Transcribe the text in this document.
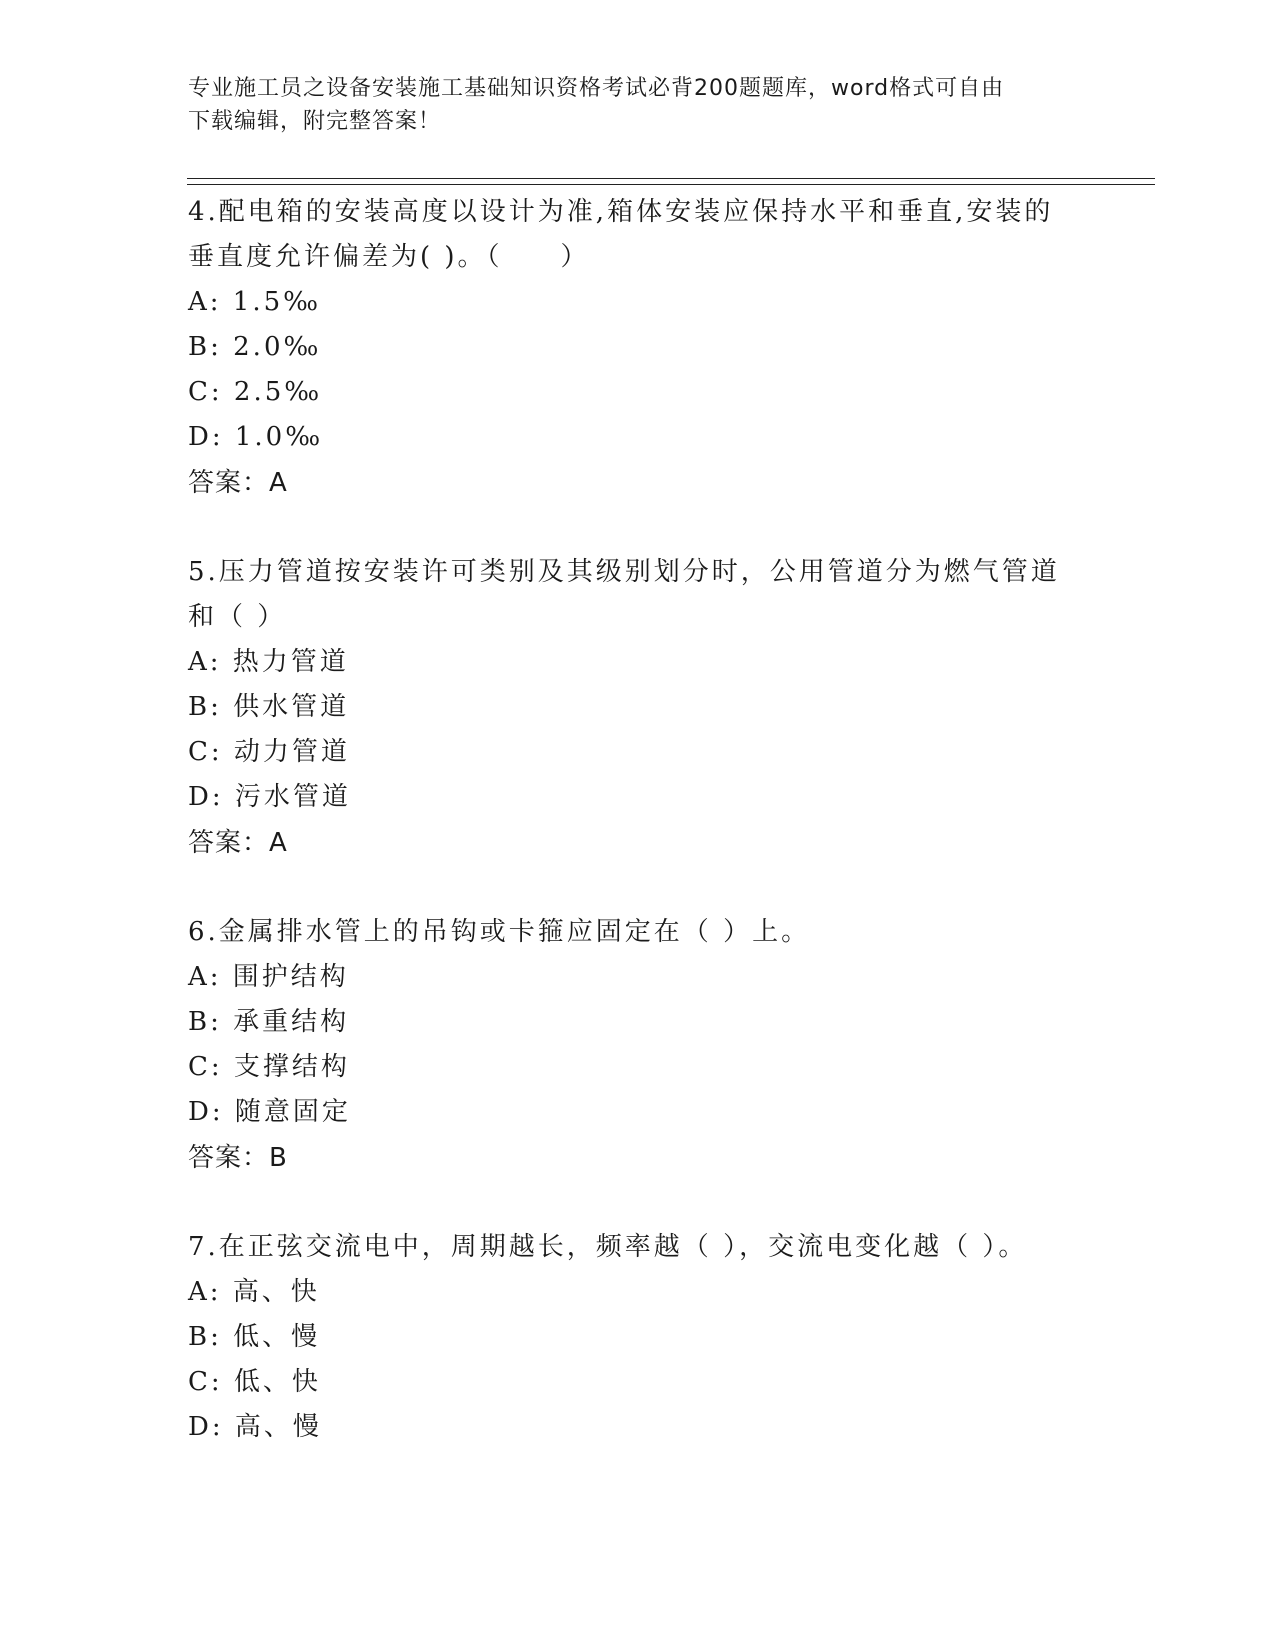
专业施工员之设备安装施工基础知识资格考试必背200题题库，word格式可自由
下载编辑，附完整答案！
4.配电箱的安装高度以设计为准,箱体安装应保持水平和垂直,安装的
垂直度允许偏差为( )。（　　）
A: 1.5‰
B: 2.0‰
C: 2.5‰
D: 1.0‰
答案：A
5.压力管道按安装许可类别及其级别划分时，公用管道分为燃气管道
和（ ）
A: 热力管道
B: 供水管道
C: 动力管道
D: 污水管道
答案：A
6.金属排水管上的吊钩或卡箍应固定在（ ）上。
A: 围护结构
B: 承重结构
C: 支撑结构
D: 随意固定
答案：B
7.在正弦交流电中，周期越长，频率越（ ），交流电变化越（ ）。
A: 高、快
B: 低、慢
C: 低、快
D: 高、慢
